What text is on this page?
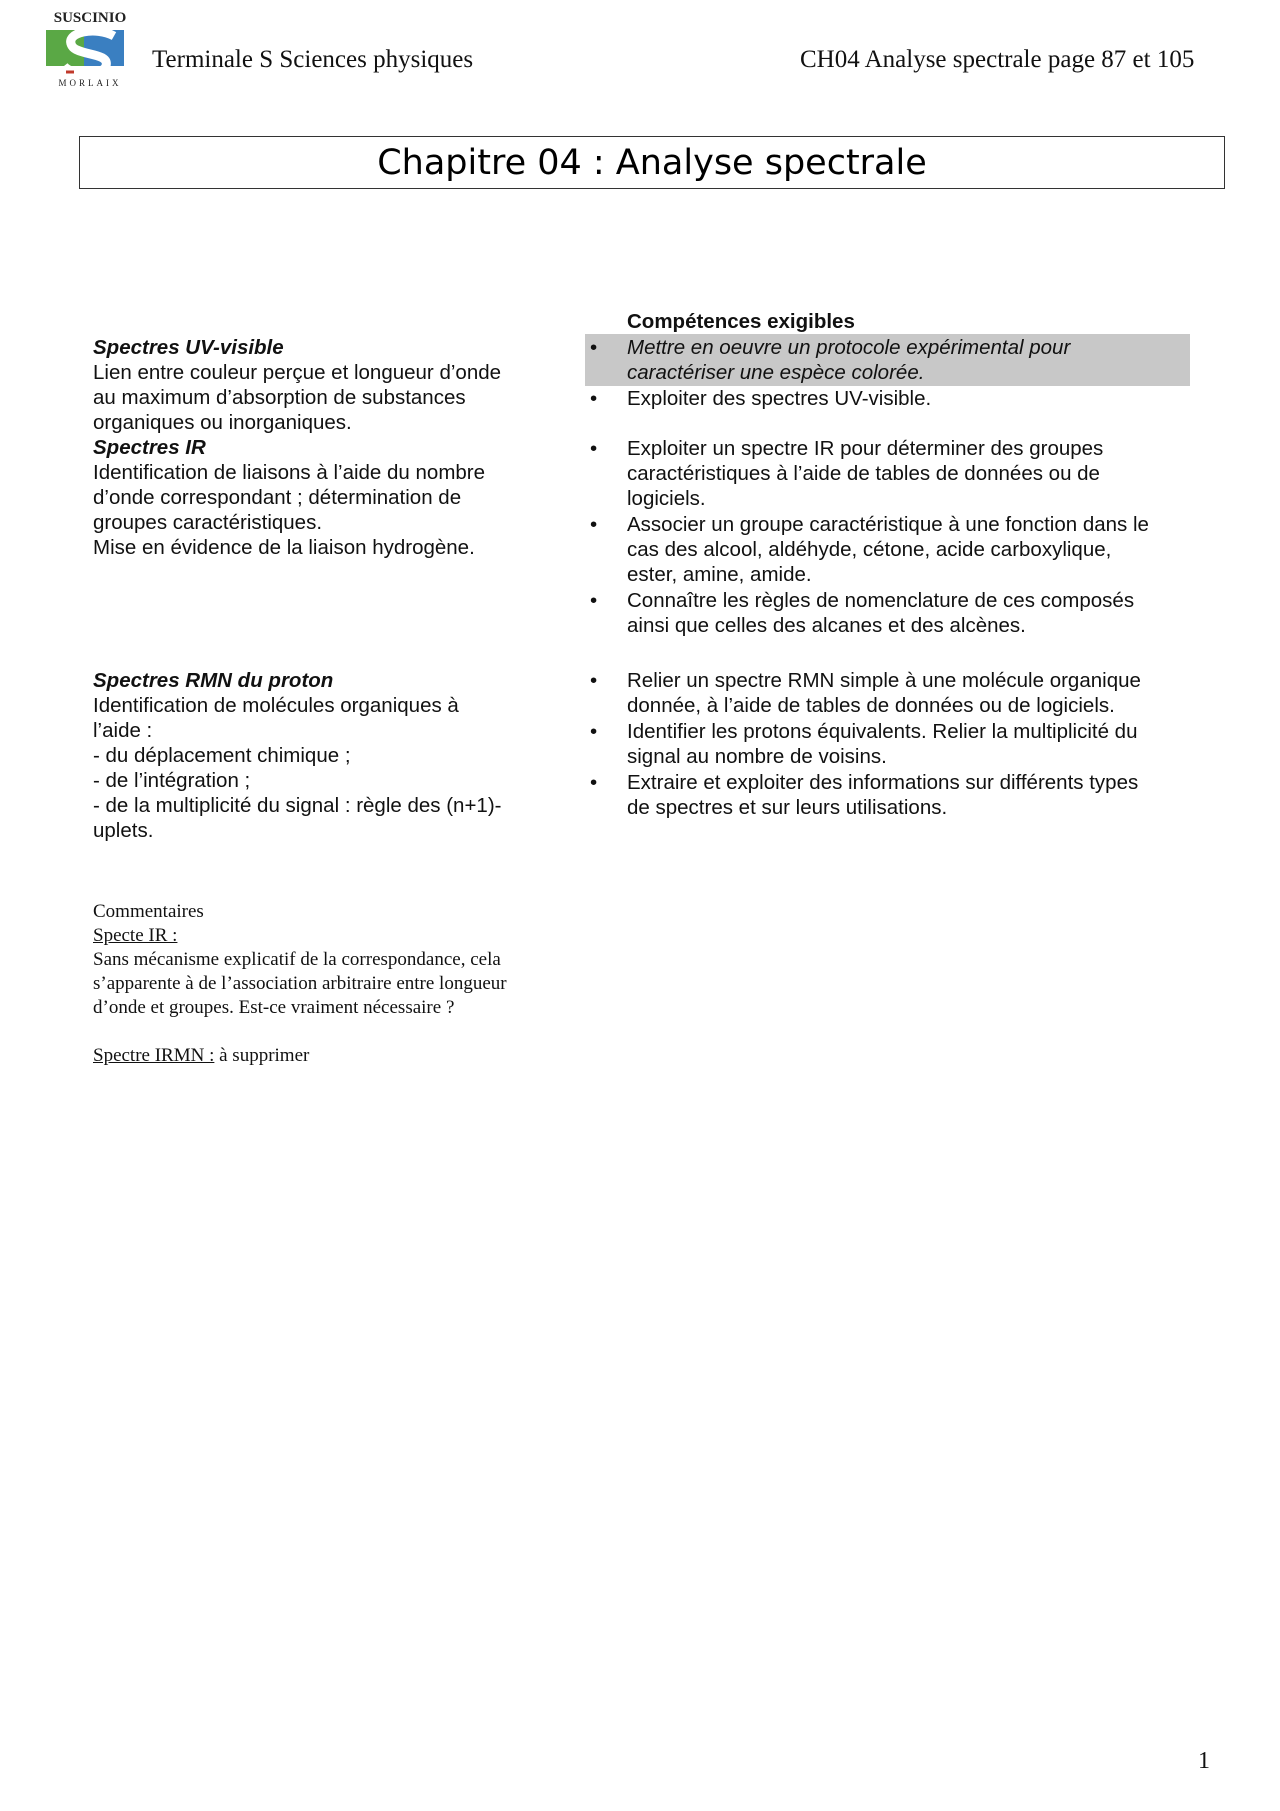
SUSCINIO
MORLAIX
Terminale S Sciences physiques	CH04 Analyse spectrale page 87 et 105
Chapitre 04 : Analyse spectrale
Spectres UV-visible
Lien entre couleur perçue et longueur d’onde
au maximum d’absorption de substances
organiques ou inorganiques.
Spectres IR
Identification de liaisons à l’aide du nombre
d’onde correspondant ; détermination de
groupes caractéristiques.
Mise en évidence de la liaison hydrogène.
Spectres RMN du proton
Identification de molécules organiques à
l’aide :
- du déplacement chimique ;
- de l’intégration ;
- de la multiplicité du signal : règle des (n+1)-
uplets.
Compétences exigibles
•	Mettre en oeuvre un protocole expérimental pour
caractériser une espèce colorée.
•	Exploiter des spectres UV-visible.
•	Exploiter un spectre IR pour déterminer des groupes
caractéristiques à l’aide de tables de données ou de
logiciels.
•	Associer un groupe caractéristique à une fonction dans le
cas des alcool, aldéhyde, cétone, acide carboxylique,
ester, amine, amide.
•	Connaître les règles de nomenclature de ces composés
ainsi que celles des alcanes et des alcènes.
•	Relier un spectre RMN simple à une molécule organique
donnée, à l’aide de tables de données ou de logiciels.
•	Identifier les protons équivalents. Relier la multiplicité du
signal au nombre de voisins.
•	Extraire et exploiter des informations sur différents types
de spectres et sur leurs utilisations.
Commentaires
Specte IR :
Sans mécanisme explicatif de la correspondance, cela
s’apparente à de l’association arbitraire entre longueur
d’onde et groupes. Est-ce vraiment nécessaire ?
Spectre IRMN : à supprimer
1
